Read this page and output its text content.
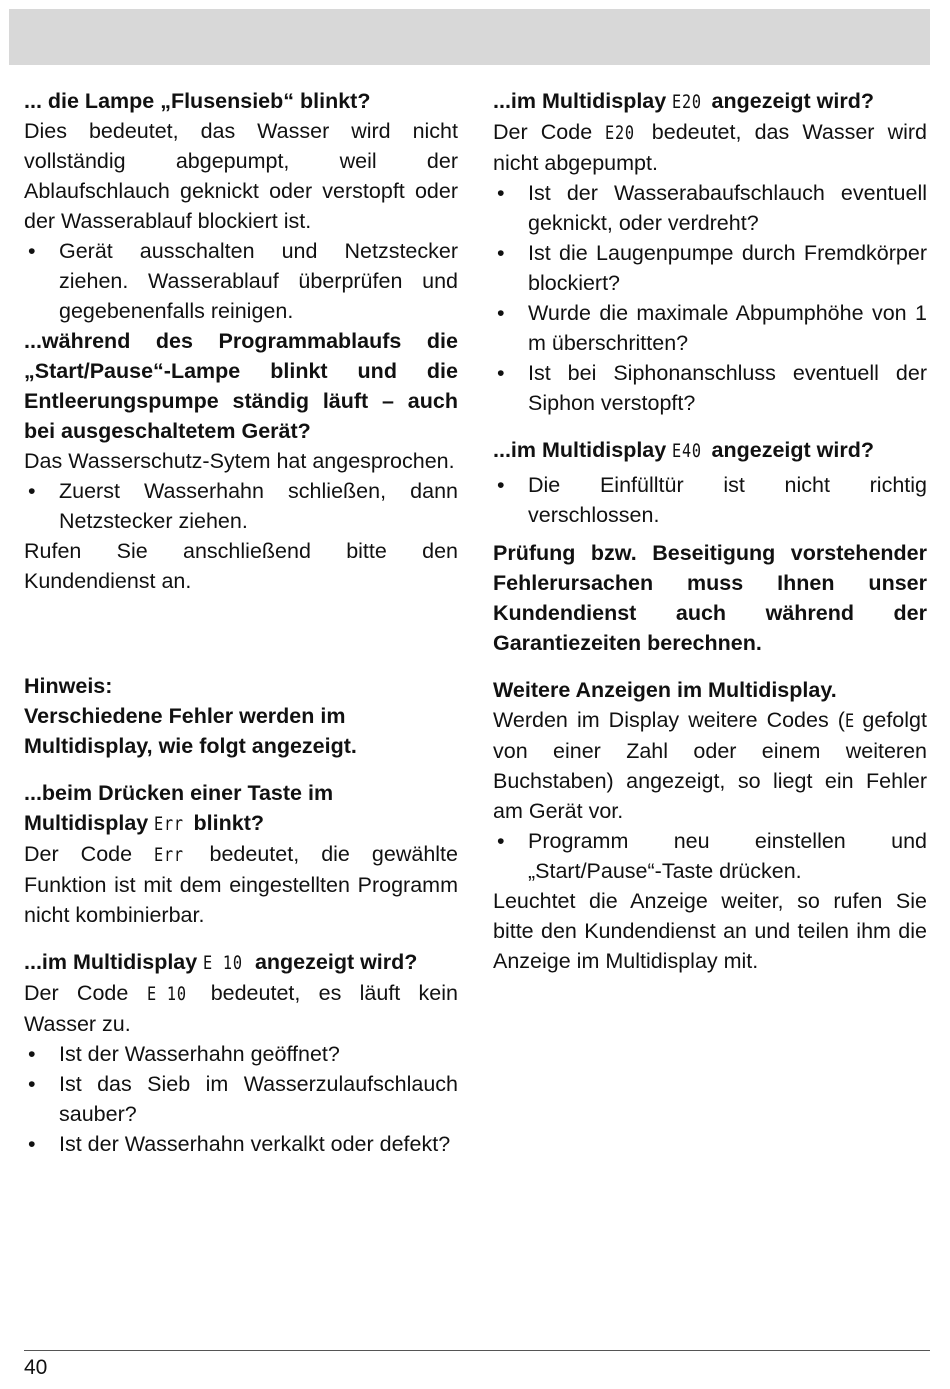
... die Lampe „Flusensieb“ blinkt?

Dies bedeutet, das Wasser wird nicht vollständig abgepumpt, weil der Ablaufschlauch geknickt oder verstopft oder der Wasserablauf blockiert ist.

• Gerät ausschalten und Netzstecker ziehen. Wasserablauf überprüfen und gegebenenfalls reinigen.

...während des Programmablaufs die „Start/Pause“-Lampe blinkt und die Entleerungspumpe ständig läuft – auch bei ausgeschaltetem Gerät?

Das Wasserschutz-Sytem hat angesprochen.

• Zuerst Wasserhahn schließen, dann Netzstecker ziehen.

Rufen Sie anschließend bitte den Kundendienst an.

Hinweis:

Verschiedene Fehler werden im Multidisplay, wie folgt angezeigt.

...beim Drücken einer Taste im Multidisplay Err blinkt?

Der Code Err bedeutet, die gewählte Funktion ist mit dem eingestellten Programm nicht kombinierbar.

...im Multidisplay E 10 angezeigt wird?

Der Code E 10 bedeutet, es läuft kein Wasser zu.

• Ist der Wasserhahn geöffnet?
• Ist das Sieb im Wasserzulaufschlauch sauber?
• Ist der Wasserhahn verkalkt oder defekt?

...im Multidisplay E20 angezeigt wird?

Der Code E20 bedeutet, das Wasser wird nicht abgepumpt.

• Ist der Wasserabaufschlauch eventuell geknickt, oder verdreht?
• Ist die Laugenpumpe durch Fremdkörper blockiert?
• Wurde die maximale Abpumphöhe von 1 m überschritten?
• Ist bei Siphonanschluss eventuell der Siphon verstopft?

...im Multidisplay E40 angezeigt wird?

• Die Einfülltür ist nicht richtig verschlossen.

Prüfung bzw. Beseitigung vorstehender Fehlerursachen muss Ihnen unser Kundendienst auch während der Garantiezeiten berechnen.

Weitere Anzeigen im Multidisplay.

Werden im Display weitere Codes (E gefolgt von einer Zahl oder einem weiteren Buchstaben) angezeigt, so liegt ein Fehler am Gerät vor.

• Programm neu einstellen und „Start/Pause“-Taste drücken.

Leuchtet die Anzeige weiter, so rufen Sie bitte den Kundendienst an und teilen ihm die Anzeige im Multidisplay mit.

40
